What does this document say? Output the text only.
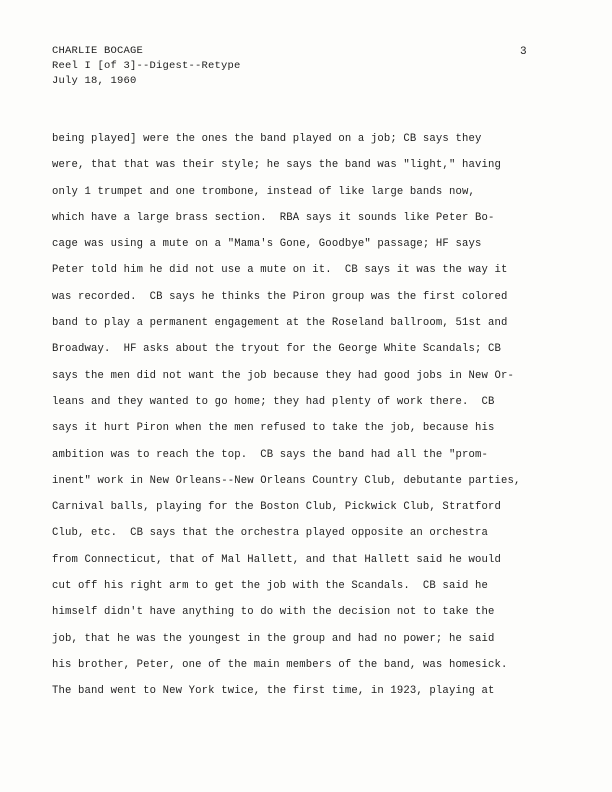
CHARLIE BOCAGE
Reel I [of 3]--Digest--Retype
July 18, 1960
3
being played] were the ones the band played on a job; CB says they
were, that that was their style; he says the band was "light," having
only 1 trumpet and one trombone, instead of like large bands now,
which have a large brass section.  RBA says it sounds like Peter Bo-
cage was using a mute on a "Mama's Gone, Goodbye" passage; HF says
Peter told him he did not use a mute on it.  CB says it was the way it
was recorded.  CB says he thinks the Piron group was the first colored
band to play a permanent engagement at the Roseland ballroom, 51st and
Broadway.  HF asks about the tryout for the George White Scandals; CB
says the men did not want the job because they had good jobs in New Or-
leans and they wanted to go home; they had plenty of work there.  CB
says it hurt Piron when the men refused to take the job, because his
ambition was to reach the top.  CB says the band had all the "prom-
inent" work in New Orleans--New Orleans Country Club, debutante parties,
Carnival balls, playing for the Boston Club, Pickwick Club, Stratford
Club, etc.  CB says that the orchestra played opposite an orchestra
from Connecticut, that of Mal Hallett, and that Hallett said he would
cut off his right arm to get the job with the Scandals.  CB said he
himself didn't have anything to do with the decision not to take the
job, that he was the youngest in the group and had no power; he said
his brother, Peter, one of the main members of the band, was homesick.
The band went to New York twice, the first time, in 1923, playing at
